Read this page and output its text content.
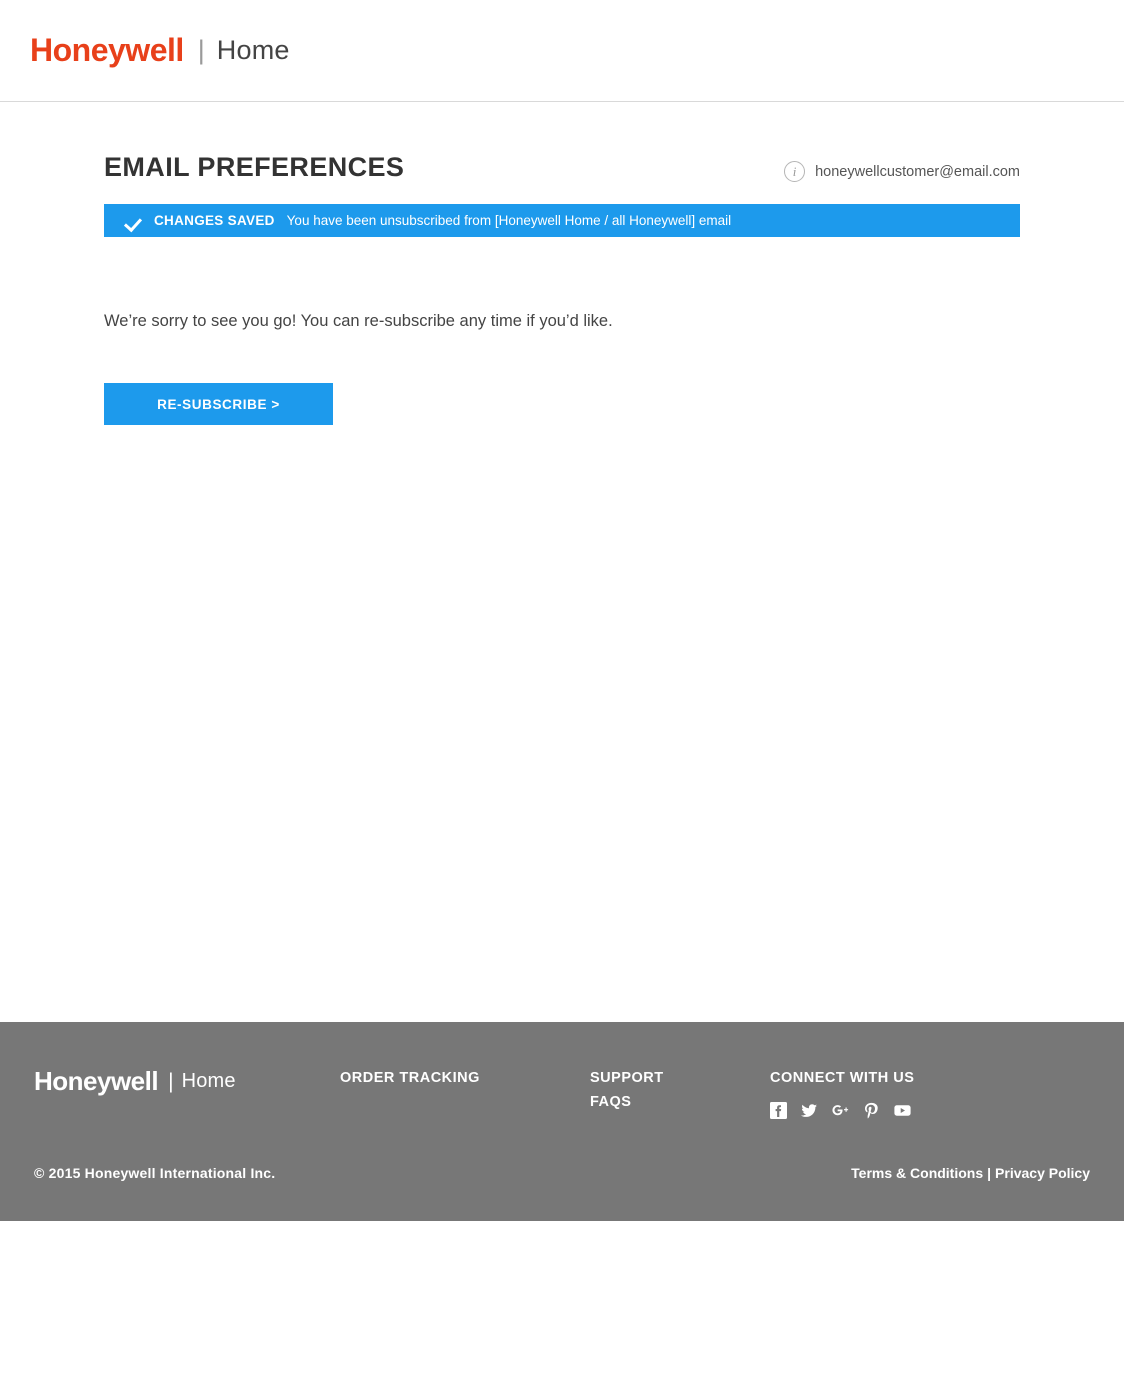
Honeywell | Home
EMAIL PREFERENCES	i	honeywellcustomer@email.com
CHANGES SAVED You have been unsubscribed from [Honeywell Home / all Honeywell] email
We’re sorry to see you go! You can re-subscribe any time if you’d like.
RE-SUBSCRIBE >
Honeywell | Home	ORDER TRACKING	SUPPORT
FAQS
CONNECT WITH US
© 2015 Honeywell International Inc.	Terms & Conditions | Privacy Policy
